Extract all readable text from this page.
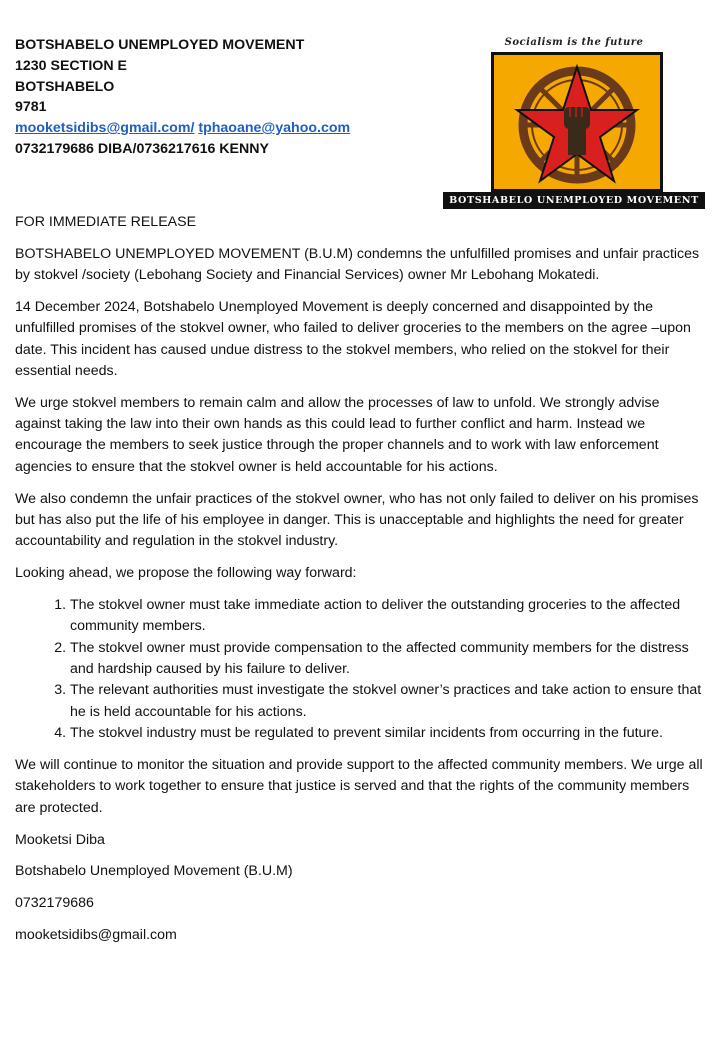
BOTSHABELO UNEMPLOYED MOVEMENT
1230 SECTION E
BOTSHABELO
9781
mooketsidibs@gmail.com/ tphaoane@yahoo.com
0732179686 DIBA/0736217616 KENNY
Socialism is the future
BOTSHABELO UNEMPLOYED MOVEMENT

FOR IMMEDIATE RELEASE

BOTSHABELO UNEMPLOYED MOVEMENT (B.U.M) condemns the unfulfilled promises and unfair practices by stokvel /society (Lebohang Society and Financial Services) owner Mr Lebohang Mokatedi.

14 December 2024, Botshabelo Unemployed Movement is deeply concerned and disappointed by the unfulfilled promises of the stokvel owner, who failed to deliver groceries to the members on the agree –upon date. This incident has caused undue distress to the stokvel members, who relied on the stokvel for their essential needs.

We urge stokvel members to remain calm and allow the processes of law to unfold. We strongly advise against taking the law into their own hands as this could lead to further conflict and harm. Instead we encourage the members to seek justice through the proper channels and to work with law enforcement agencies to ensure that the stokvel owner is held accountable for his actions.

We also condemn the unfair practices of the stokvel owner, who has not only failed to deliver on his promises but has also put the life of his employee in danger. This is unacceptable and highlights the need for greater accountability and regulation in the stokvel industry.

Looking ahead, we propose the following way forward:

1. The stokvel owner must take immediate action to deliver the outstanding groceries to the affected community members.
2. The stokvel owner must provide compensation to the affected community members for the distress and hardship caused by his failure to deliver.
3. The relevant authorities must investigate the stokvel owner’s practices and take action to ensure that he is held accountable for his actions.
4. The stokvel industry must be regulated to prevent similar incidents from occurring in the future.

We will continue to monitor the situation and provide support to the affected community members. We urge all stakeholders to work together to ensure that justice is served and that the rights of the community members are protected.

Mooketsi Diba

Botshabelo Unemployed Movement (B.U.M)

0732179686

mooketsidibs@gmail.com
